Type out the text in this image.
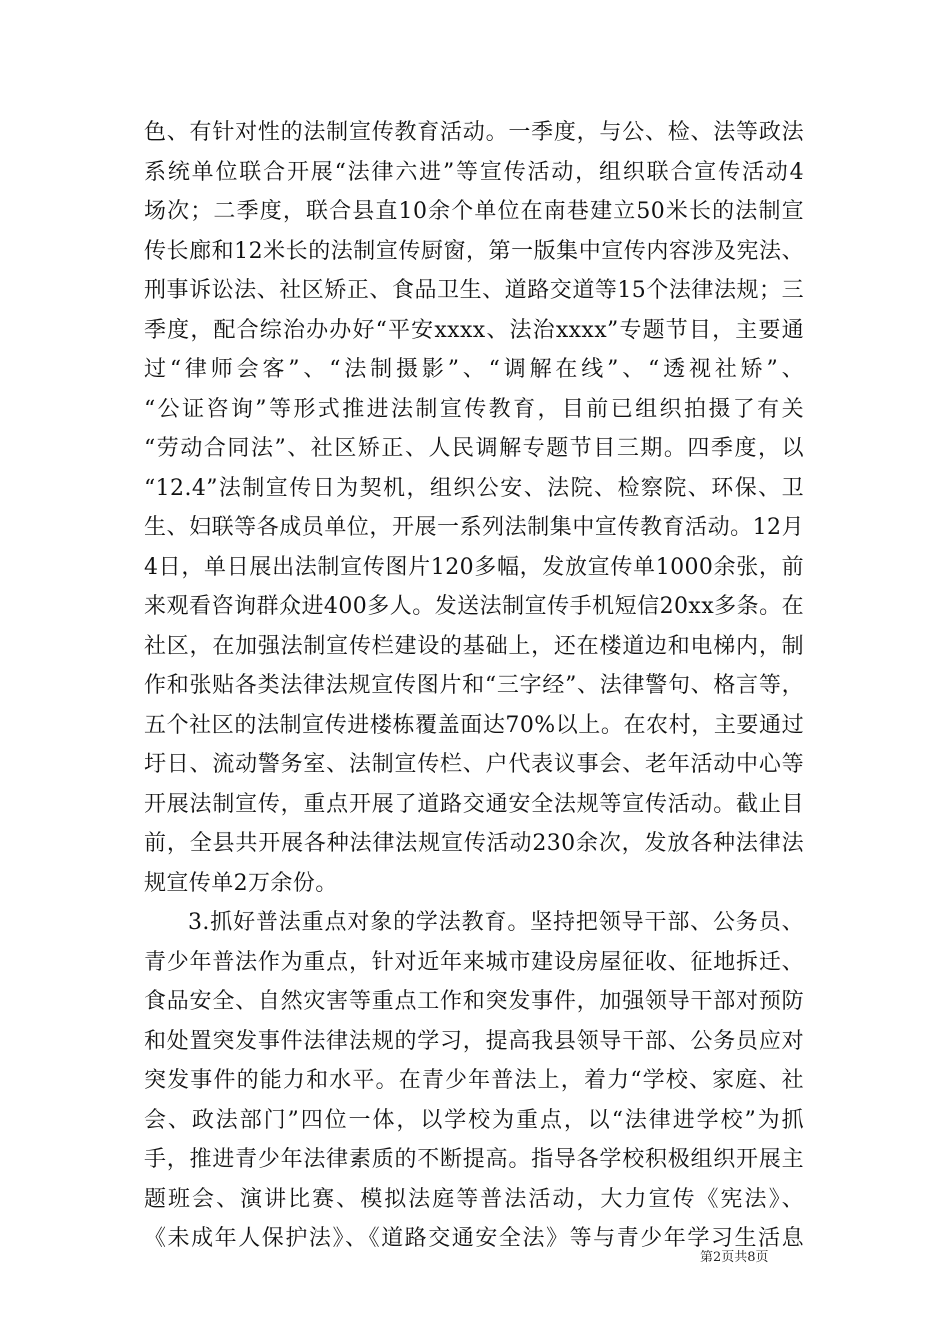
色、有针对性的法制宣传教育活动。一季度，与公、检、法等政法
系统单位联合开展“法律六进”等宣传活动，组织联合宣传活动4
场次；二季度，联合县直10余个单位在南巷建立50米长的法制宣
传长廊和12米长的法制宣传厨窗，第一版集中宣传内容涉及宪法、
刑事诉讼法、社区矫正、食品卫生、道路交道等15个法律法规；三
季度，配合综治办办好“平安xxxx、法治xxxx”专题节目，主要通
过“律师会客”、“法制摄影”、“调解在线”、“透视社矫”、
“公证咨询”等形式推进法制宣传教育，目前已组织拍摄了有关
“劳动合同法”、社区矫正、人民调解专题节目三期。四季度，以
“12.4”法制宣传日为契机，组织公安、法院、检察院、环保、卫
生、妇联等各成员单位，开展一系列法制集中宣传教育活动。12月
4日，单日展出法制宣传图片120多幅，发放宣传单1000余张，前
来观看咨询群众进400多人。发送法制宣传手机短信20xx多条。在
社区，在加强法制宣传栏建设的基础上，还在楼道边和电梯内，制
作和张贴各类法律法规宣传图片和“三字经”、法律警句、格言等，
五个社区的法制宣传进楼栋覆盖面达70%以上。在农村，主要通过
圩日、流动警务室、法制宣传栏、户代表议事会、老年活动中心等
开展法制宣传，重点开展了道路交通安全法规等宣传活动。截止目
前，全县共开展各种法律法规宣传活动230余次，发放各种法律法
规宣传单2万余份。
3.抓好普法重点对象的学法教育。坚持把领导干部、公务员、
青少年普法作为重点，针对近年来城市建设房屋征收、征地拆迁、
食品安全、自然灾害等重点工作和突发事件，加强领导干部对预防
和处置突发事件法律法规的学习，提高我县领导干部、公务员应对
突发事件的能力和水平。在青少年普法上，着力“学校、家庭、社
会、政法部门”四位一体，以学校为重点，以“法律进学校”为抓
手，推进青少年法律素质的不断提高。指导各学校积极组织开展主
题班会、演讲比赛、模拟法庭等普法活动，大力宣传《宪法》、
《未成年人保护法》、《道路交通安全法》等与青少年学习生活息
第2页共8页
